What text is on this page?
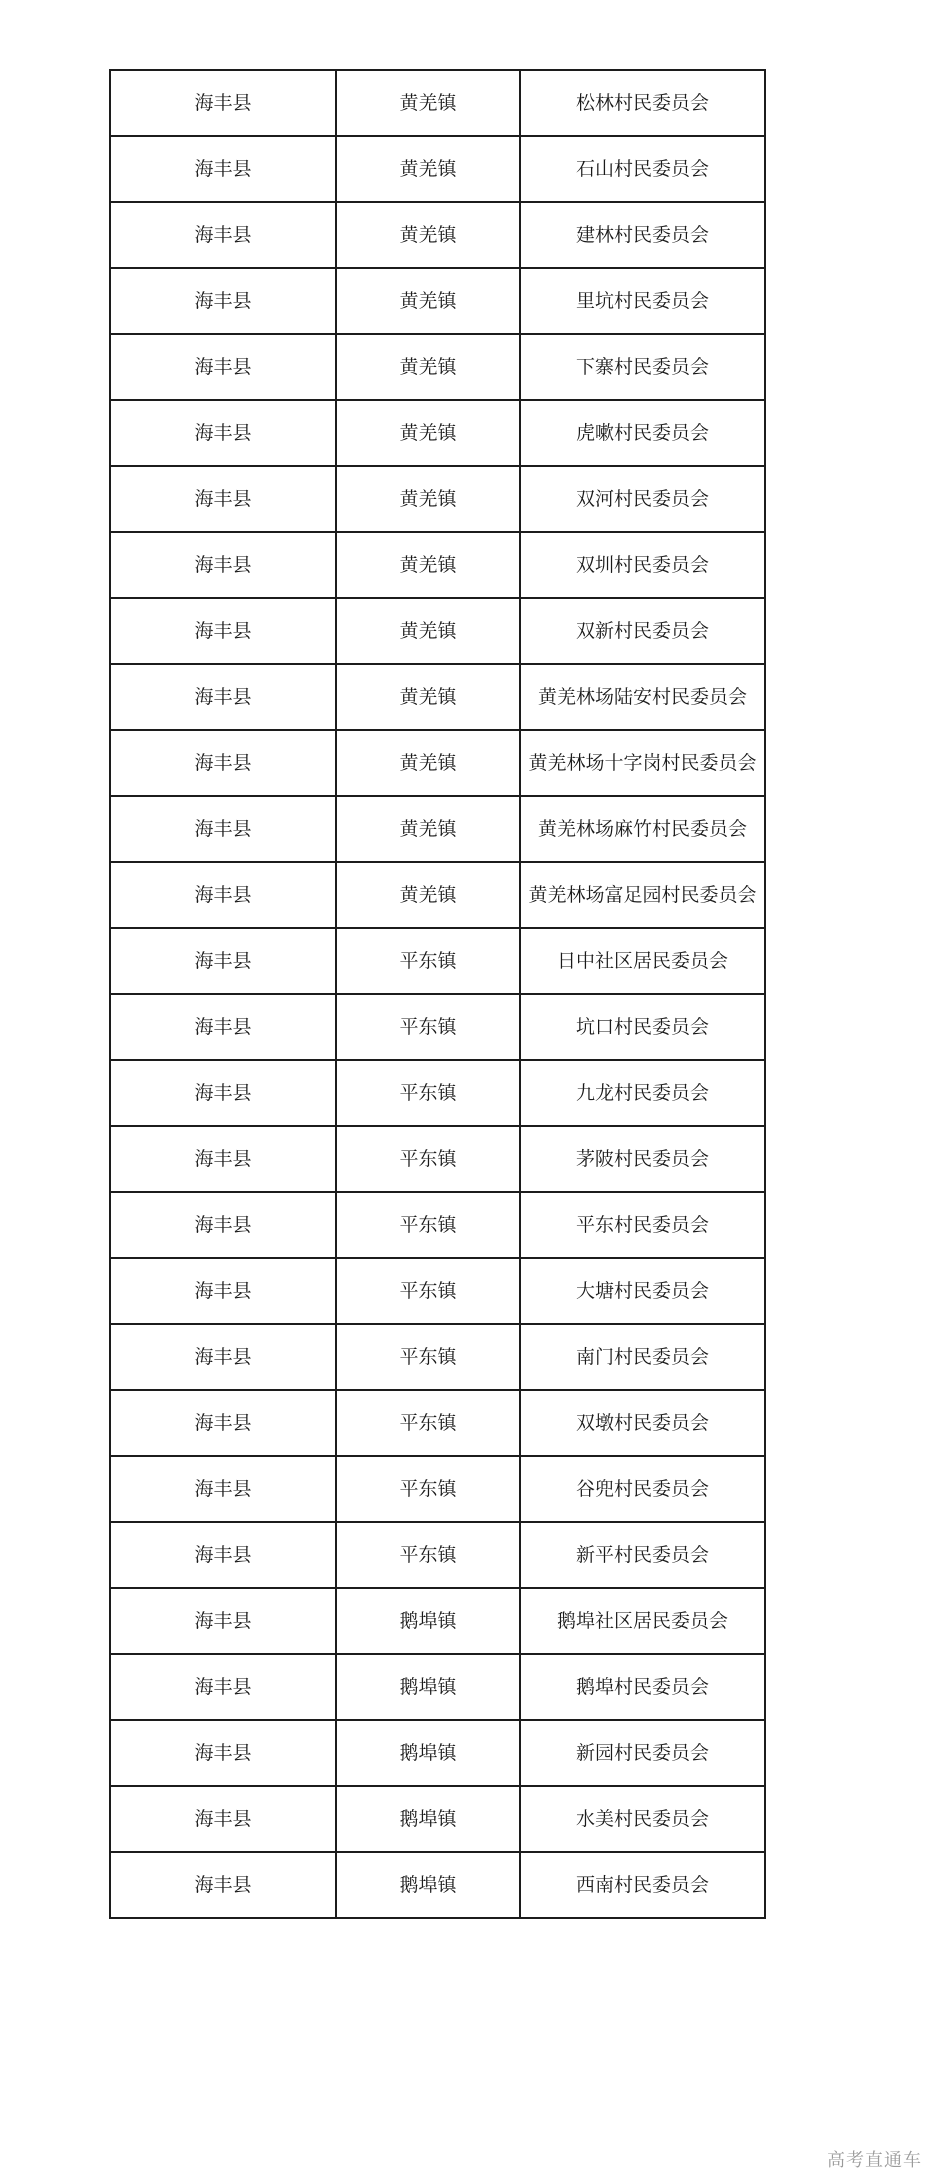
海丰县	黄羌镇	松林村民委员会
海丰县	黄羌镇	石山村民委员会
海丰县	黄羌镇	建林村民委员会
海丰县	黄羌镇	里坑村民委员会
海丰县	黄羌镇	下寨村民委员会
海丰县	黄羌镇	虎嗽村民委员会
海丰县	黄羌镇	双河村民委员会
海丰县	黄羌镇	双圳村民委员会
海丰县	黄羌镇	双新村民委员会
海丰县	黄羌镇	黄羌林场陆安村民委员会
海丰县	黄羌镇	黄羌林场十字岗村民委员会
海丰县	黄羌镇	黄羌林场麻竹村民委员会
海丰县	黄羌镇	黄羌林场富足园村民委员会
海丰县	平东镇	日中社区居民委员会
海丰县	平东镇	坑口村民委员会
海丰县	平东镇	九龙村民委员会
海丰县	平东镇	茅陂村民委员会
海丰县	平东镇	平东村民委员会
海丰县	平东镇	大塘村民委员会
海丰县	平东镇	南门村民委员会
海丰县	平东镇	双墩村民委员会
海丰县	平东镇	谷兜村民委员会
海丰县	平东镇	新平村民委员会
海丰县	鹅埠镇	鹅埠社区居民委员会
海丰县	鹅埠镇	鹅埠村民委员会
海丰县	鹅埠镇	新园村民委员会
海丰县	鹅埠镇	水美村民委员会
海丰县	鹅埠镇	西南村民委员会
高考直通车
